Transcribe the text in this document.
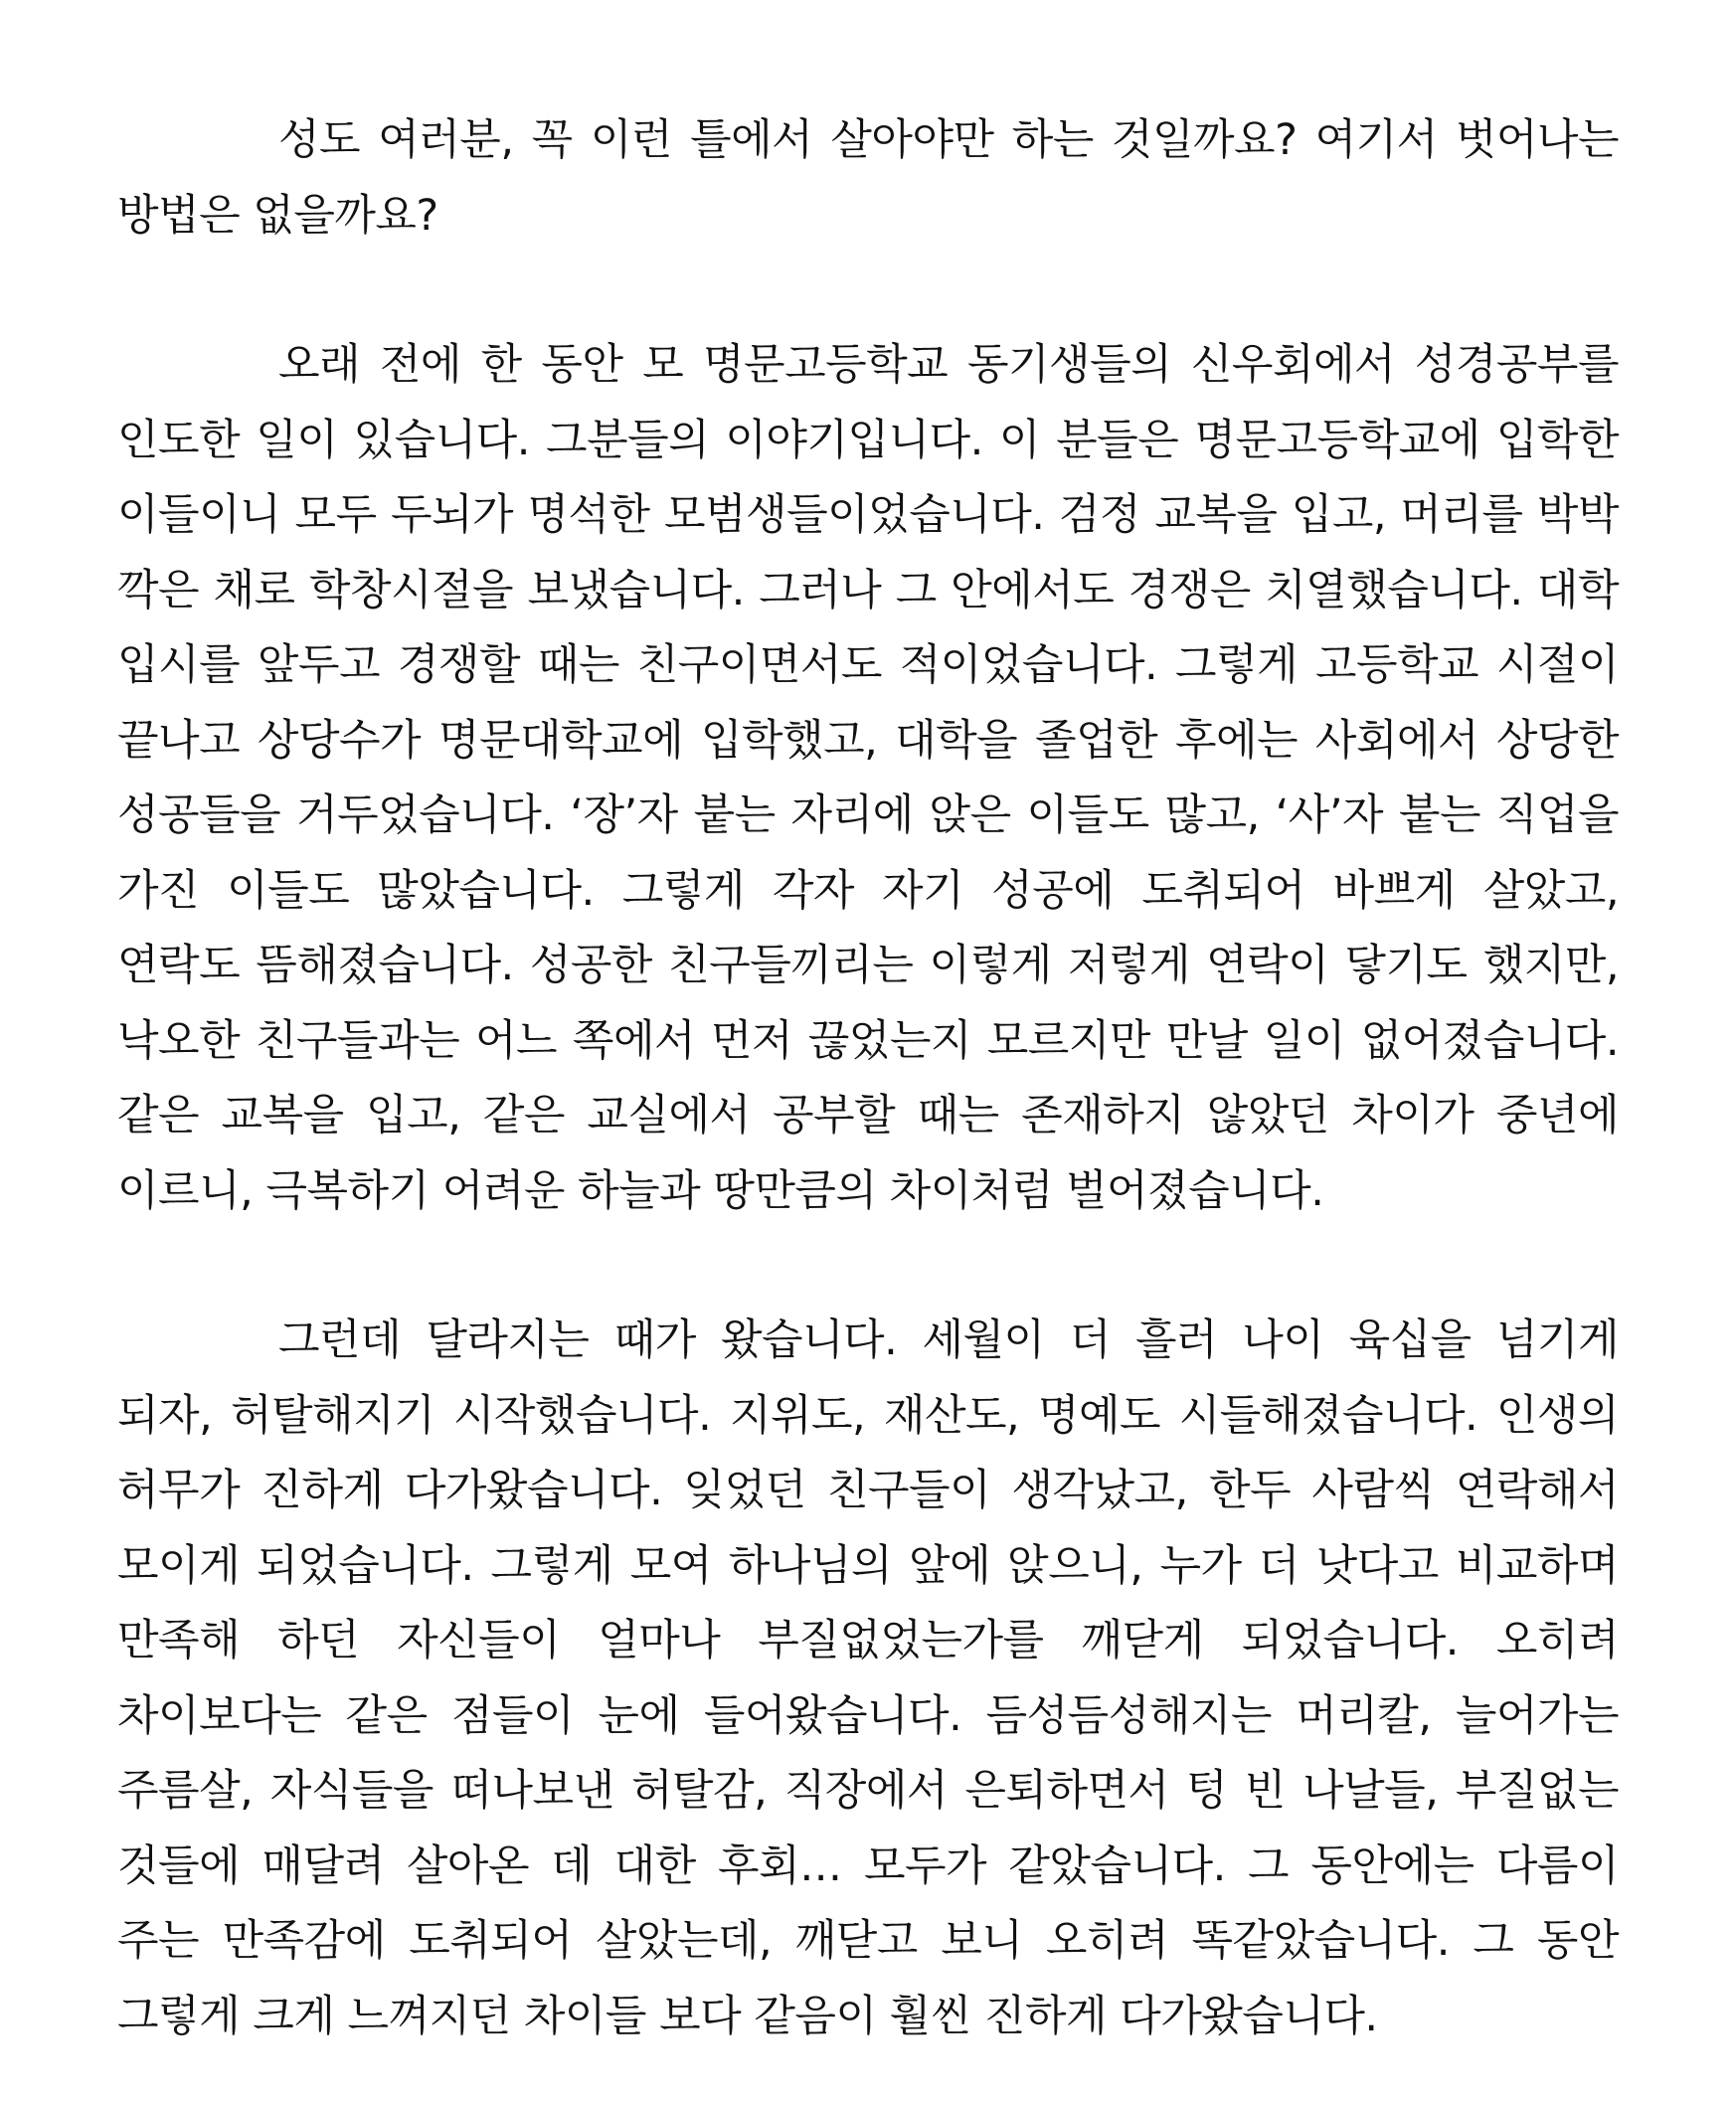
성도 여러분, 꼭 이런 틀에서 살아야만 하는 것일까요? 여기서 벗어나는 방법은 없을까요?

오래 전에 한 동안 모 명문고등학교 동기생들의 신우회에서 성경공부를 인도한 일이 있습니다. 그분들의 이야기입니다. 이 분들은 명문고등학교에 입학한 이들이니 모두 두뇌가 명석한 모범생들이었습니다. 검정 교복을 입고, 머리를 박박 깍은 채로 학창시절을 보냈습니다. 그러나 그 안에서도 경쟁은 치열했습니다. 대학 입시를 앞두고 경쟁할 때는 친구이면서도 적이었습니다. 그렇게 고등학교 시절이 끝나고 상당수가 명문대학교에 입학했고, 대학을 졸업한 후에는 사회에서 상당한 성공들을 거두었습니다. ‘장’자 붙는 자리에 앉은 이들도 많고, ‘사’자 붙는 직업을 가진 이들도 많았습니다. 그렇게 각자 자기 성공에 도취되어 바쁘게 살았고, 연락도 뜸해졌습니다. 성공한 친구들끼리는 이렇게 저렇게 연락이 닿기도 했지만, 낙오한 친구들과는 어느 쪽에서 먼저 끊었는지 모르지만 만날 일이 없어졌습니다. 같은 교복을 입고, 같은 교실에서 공부할 때는 존재하지 않았던 차이가 중년에 이르니, 극복하기 어려운 하늘과 땅만큼의 차이처럼 벌어졌습니다.

그런데 달라지는 때가 왔습니다. 세월이 더 흘러 나이 육십을 넘기게 되자, 허탈해지기 시작했습니다. 지위도, 재산도, 명예도 시들해졌습니다. 인생의 허무가 진하게 다가왔습니다. 잊었던 친구들이 생각났고, 한두 사람씩 연락해서 모이게 되었습니다. 그렇게 모여 하나님의 앞에 앉으니, 누가 더 낫다고 비교하며 만족해 하던 자신들이 얼마나 부질없었는가를 깨닫게 되었습니다. 오히려 차이보다는 같은 점들이 눈에 들어왔습니다. 듬성듬성해지는 머리칼, 늘어가는 주름살, 자식들을 떠나보낸 허탈감, 직장에서 은퇴하면서 텅 빈 나날들, 부질없는 것들에 매달려 살아온 데 대한 후회… 모두가 같았습니다. 그 동안에는 다름이 주는 만족감에 도취되어 살았는데, 깨닫고 보니 오히려 똑같았습니다. 그 동안 그렇게 크게 느껴지던 차이들 보다 같음이 훨씬 진하게 다가왔습니다.
